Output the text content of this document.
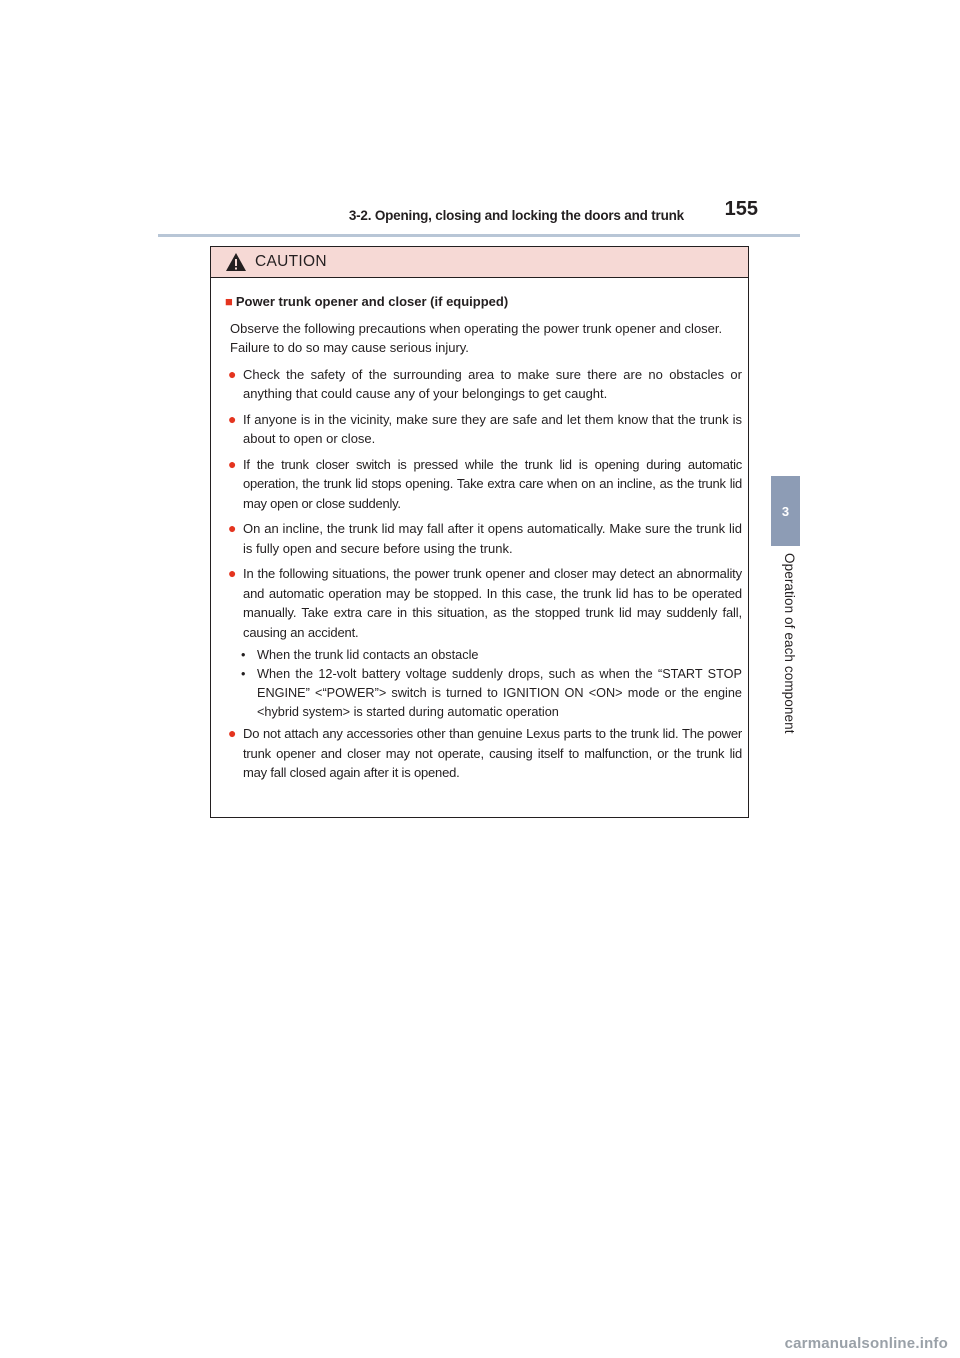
3-2. Opening, closing and locking the doors and trunk 155
3
Operation of each component
CAUTION
■ Power trunk opener and closer (if equipped)
Observe the following precautions when operating the power trunk opener and closer.
Failure to do so may cause serious injury.
● Check the safety of the surrounding area to make sure there are no obstacles or anything that could cause any of your belongings to get caught.
● If anyone is in the vicinity, make sure they are safe and let them know that the trunk is about to open or close.
● If the trunk closer switch is pressed while the trunk lid is opening during automatic operation, the trunk lid stops opening. Take extra care when on an incline, as the trunk lid may open or close suddenly.
● On an incline, the trunk lid may fall after it opens automatically. Make sure the trunk lid is fully open and secure before using the trunk.
● In the following situations, the power trunk opener and closer may detect an abnormality and automatic operation may be stopped. In this case, the trunk lid has to be operated manually. Take extra care in this situation, as the stopped trunk lid may suddenly fall, causing an accident.
• When the trunk lid contacts an obstacle
• When the 12-volt battery voltage suddenly drops, such as when the “START STOP ENGINE” <“POWER”> switch is turned to IGNITION ON <ON> mode or the engine <hybrid system> is started during automatic operation
● Do not attach any accessories other than genuine Lexus parts to the trunk lid. The power trunk opener and closer may not operate, causing itself to malfunction, or the trunk lid may fall closed again after it is opened.
carmanualsonline.info
